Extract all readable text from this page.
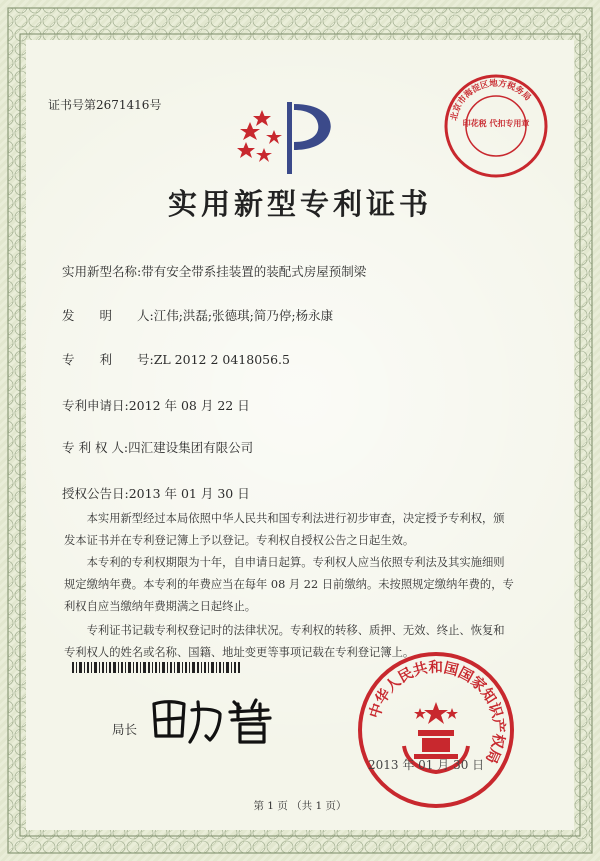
证书号第2671416号
实用新型专利证书
实用新型名称:带有安全带系挂装置的装配式房屋预制梁
发　　明　　人:江伟;洪磊;张德琪;简乃停;杨永康
专　　利　　号:ZL 2012 2 0418056.5
专利申请日:2012 年 08 月 22 日
专 利 权 人:四汇建设集团有限公司
授权公告日:2013 年 01 月 30 日
　　本实用新型经过本局依照中华人民共和国专利法进行初步审查，决定授予专利权，颁
发本证书并在专利登记簿上予以登记。专利权自授权公告之日起生效。
　　本专利的专利权期限为十年，自申请日起算。专利权人应当依照专利法及其实施细则
规定缴纳年费。本专利的年费应当在每年 08 月 22 日前缴纳。未按照规定缴纳年费的，专
利权自应当缴纳年费期满之日起终止。
　　专利证书记载专利权登记时的法律状况。专利权的转移、质押、无效、终止、恢复和
专利权人的姓名或名称、国籍、地址变更等事项记载在专利登记簿上。
局长
北京市海淀区地方税务局
印花税 代扣专用章
中华人民共和国国家知识产权局
2013 年 01 月 30 日
第 1 页 （共 1 页）
